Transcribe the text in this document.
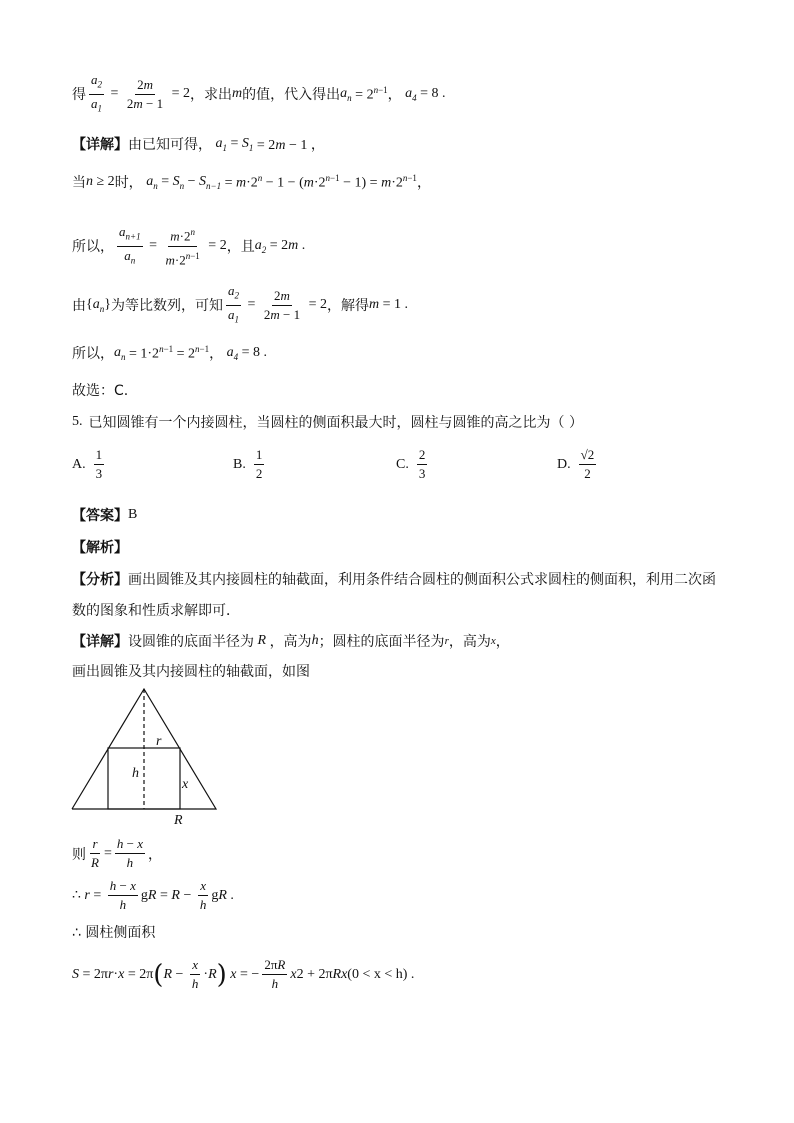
得 $\frac{a_2}{a_1} = \frac{2m}{2m - 1} = 2$ ，求出 m 的值，代入得出 $a_n = 2^{n-1}$ ， $a_4 = 8$ .
【详解】 由已知可得， $a_1 = S_1 = 2m - 1$ ，
当 n ≥ 2 时， $a_n = S_n - S_{n-1} = m\cdot 2^n - 1 - (m\cdot 2^{n-1} - 1) = m\cdot 2^{n-1}$ ，
所以， $\frac{a_{n+1}}{a_n} = \frac{m\cdot 2^n}{m\cdot 2^{n-1}} = 2$ ，且 $a_2 = 2m$ .
由 { $a_n$ } 为等比数列，可知 $\frac{a_2}{a_1} = \frac{2m}{2m - 1} = 2$ ，解得 m = 1 .
所以， $a_n = 1\cdot 2^{n-1} = 2^{n-1}$ ， $a_4 = 8$ .
故选：C.
5. 已知圆锥有一个内接圆柱，当圆柱的侧面积最大时，圆柱与圆锥的高之比为（ ）
A. $\frac{1}{3}$	B. $\frac{1}{2}$	C. $\frac{2}{3}$	D. $\frac{√2}{2}$
【答案】 B
【解析】
【分析】 画出圆锥及其内接圆柱的轴截面，利用条件结合圆柱的侧面积公式求圆柱的侧面积，利用二次函
数的图象和性质求解即可．
【详解】 设圆锥的底面半径为 R ，高为 h ；圆柱的底面半径为 r ，高为 x ，
画出圆锥及其内接圆柱的轴截面，如图
r
h
x
R
则 $\frac{r}{R} = \frac{h - x}{h}$ ，
∴ $r = \frac{h - x}{h}$ gR = $R - \frac{x}{h}$ gR .
∴ 圆柱侧面积
S = 2πr·x = 2π ( $R - \frac{x}{h} \cdot R$ ) x = − $\frac{2\pi R}{h}$ x 2 + 2πRx (0 < x < h) .
